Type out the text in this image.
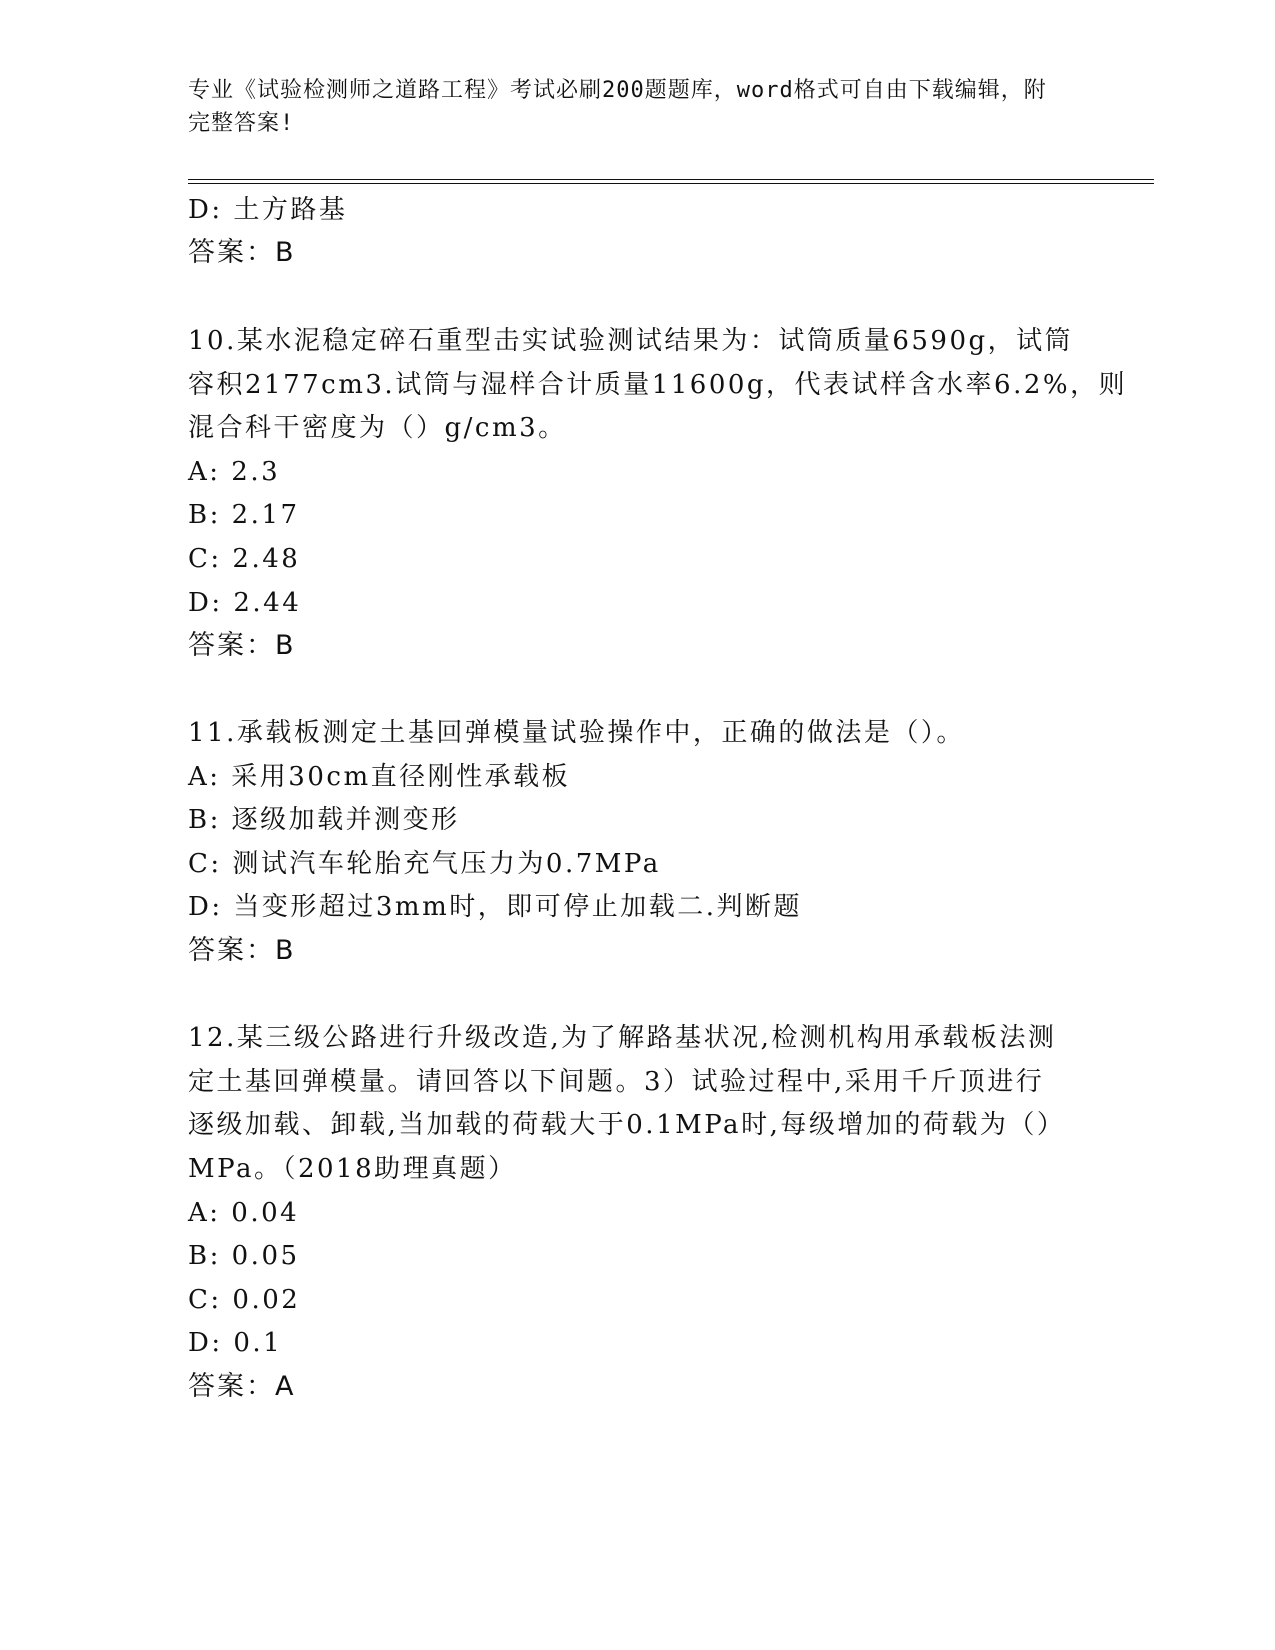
专业《试验检测师之道路工程》考试必刷200题题库，word格式可自由下载编辑，附完整答案!
D: 土方路基
答案：B
10.某水泥稳定碎石重型击实试验测试结果为：试筒质量6590g，试筒
容积2177cm3.试筒与湿样合计质量11600g，代表试样含水率6.2%，则
混合科干密度为（）g/cm3。
A: 2.3
B: 2.17
C: 2.48
D: 2.44
答案：B
11.承载板测定土基回弹模量试验操作中，正确的做法是（）。
A: 采用30cm直径刚性承载板
B: 逐级加载并测变形
C: 测试汽车轮胎充气压力为0.7MPa
D: 当变形超过3mm时，即可停止加载二.判断题
答案：B
12.某三级公路进行升级改造,为了解路基状况,检测机构用承载板法测
定土基回弹模量。请回答以下间题。3）试验过程中,采用千斤顶进行
逐级加载、卸载,当加载的荷载大于0.1MPa时,每级增加的荷载为（）
MPa。（2018助理真题）
A: 0.04
B: 0.05
C: 0.02
D: 0.1
答案：A
